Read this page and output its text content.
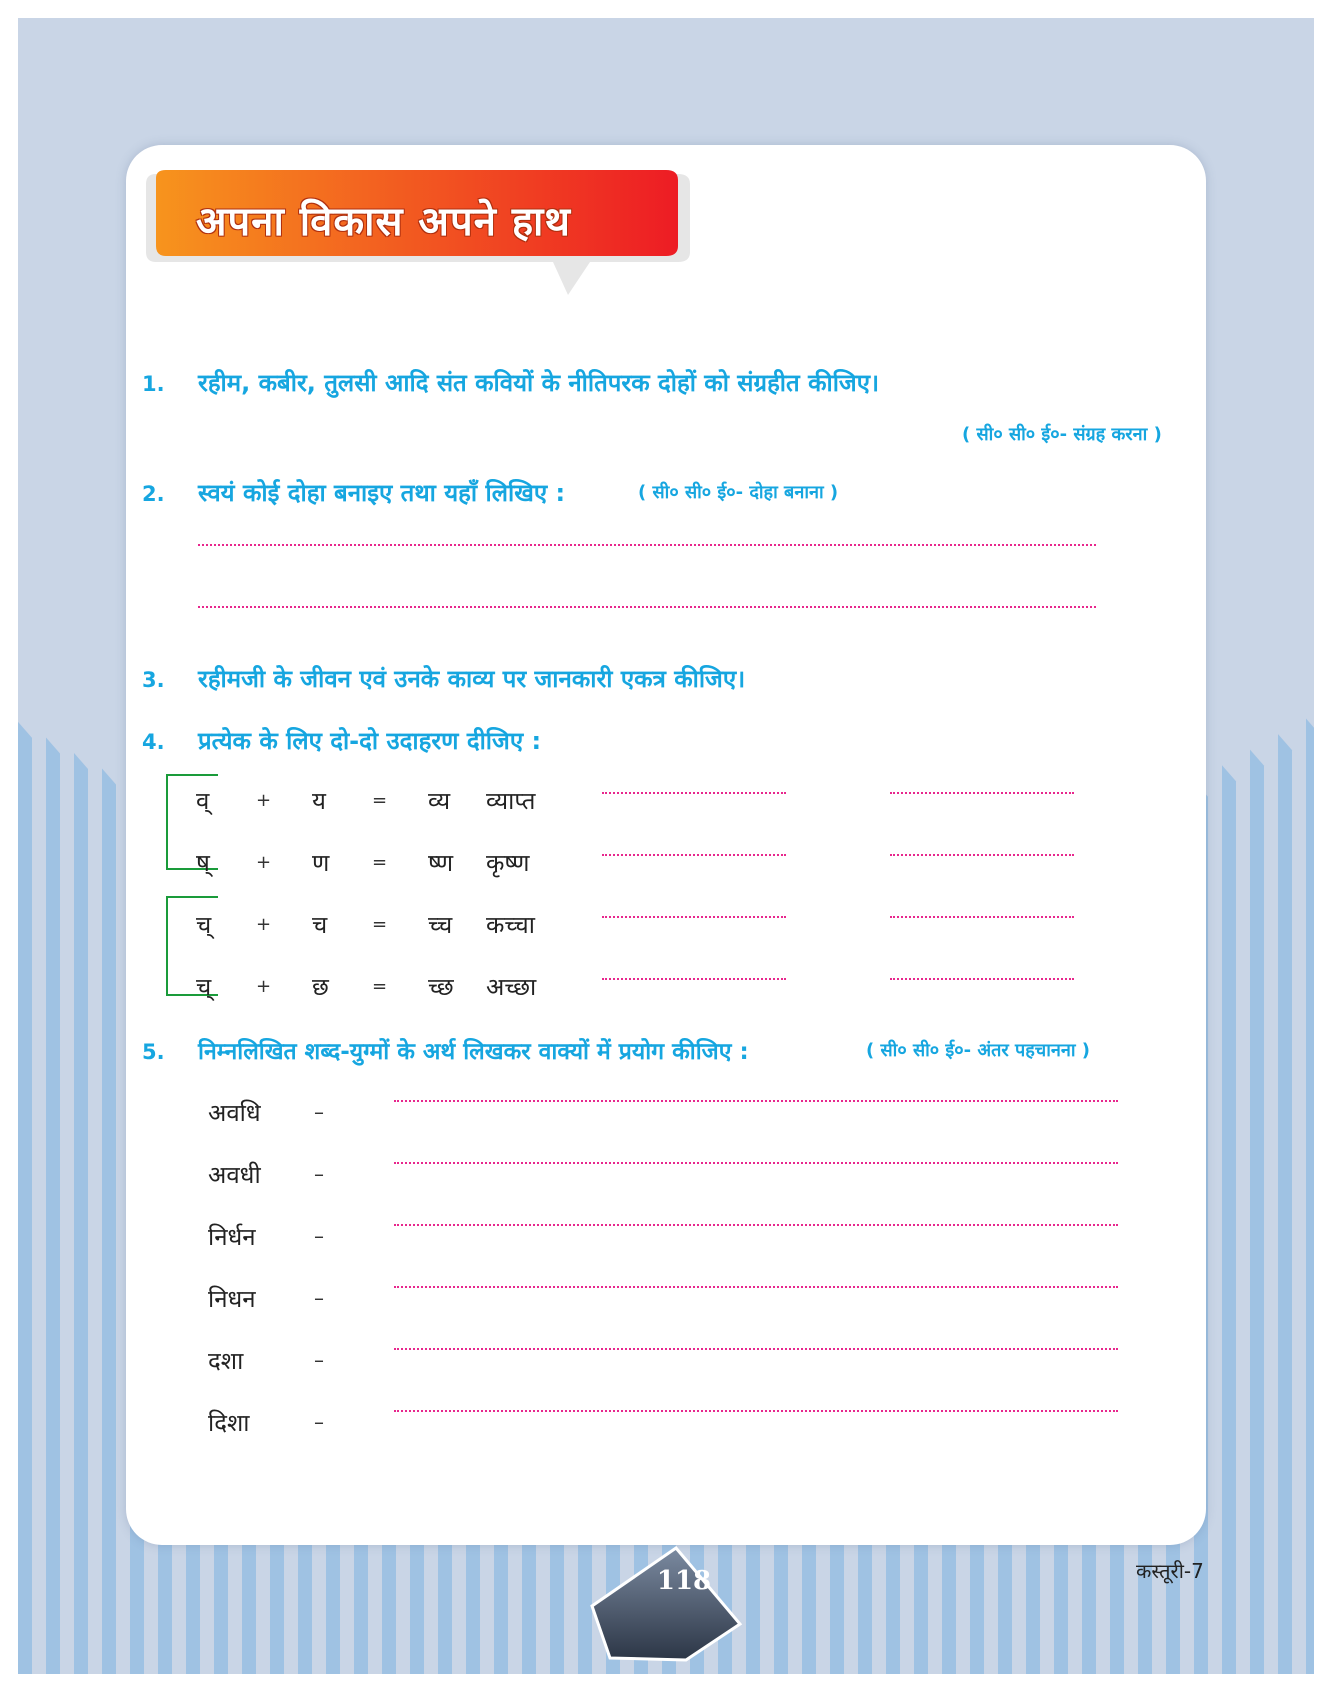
अपना विकास अपने हाथ
1. रहीम, कबीर, तुलसी आदि संत कवियों के नीतिपरक दोहों को संग्रहीत कीजिए।
( सी० सी० ई०- संग्रह करना )
2. स्वयं कोई दोहा बनाइए तथा यहाँ लिखिए :	( सी० सी० ई०- दोहा बनाना )
3. रहीमजी के जीवन एवं उनके काव्य पर जानकारी एकत्र कीजिए।
4. प्रत्येक के लिए दो-दो उदाहरण दीजिए :
व्	+ य	= व्य व्याप्त
ष्	+ ण = ष्ण कृष्ण
च् + च = च्च कच्चा
च् + छ = च्छ अच्छा
5. निम्नलिखित शब्द-युग्मों के अर्थ लिखकर वाक्यों में प्रयोग कीजिए :	( सी० सी० ई०- अंतर पहचानना )
अवधि	–
अवधी	–
निर्धन	–
निधन	–
दशा	–
दिशा	–
118	कस्तूरी-7
